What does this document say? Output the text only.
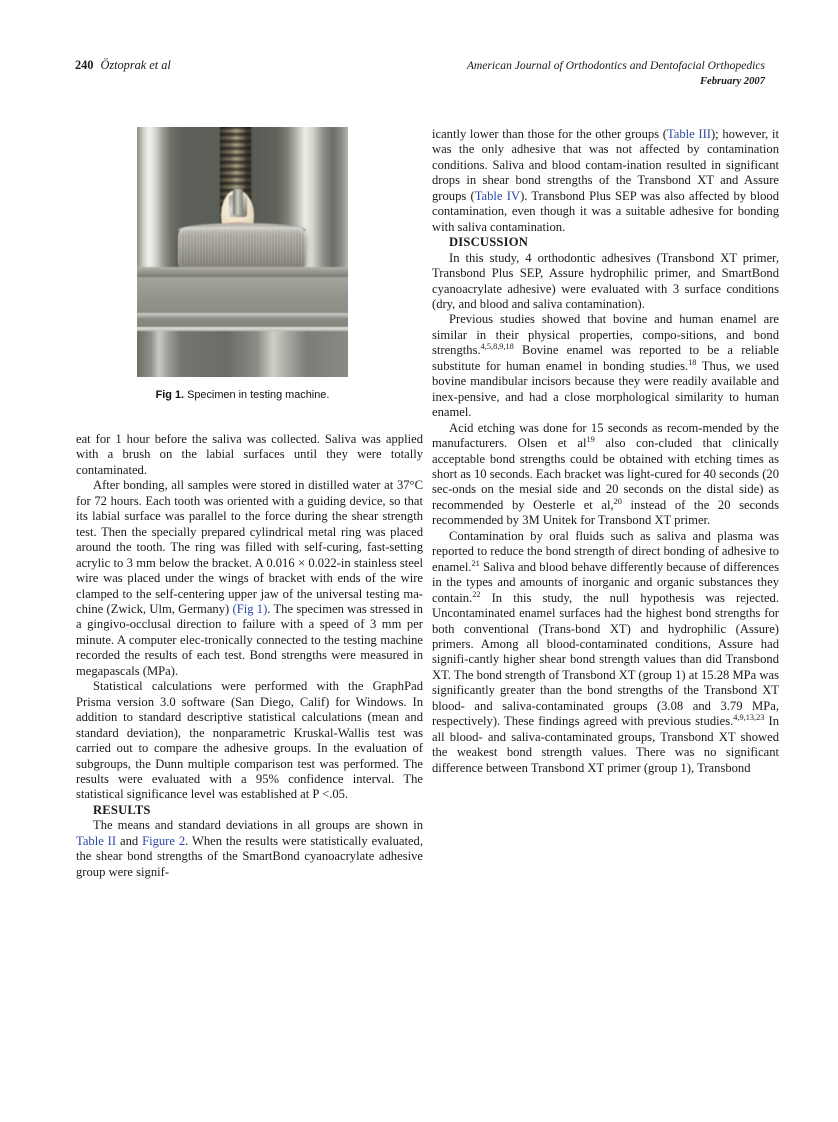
240 Öztoprak et al	American Journal of Orthodontics and Dentofacial Orthopedics
February 2007
Fig 1. Specimen in testing machine.

eat for 1 hour before the saliva was collected. Saliva was applied with a brush on the labial surfaces until they were totally contaminated.

After bonding, all samples were stored in distilled water at 37°C for 72 hours. Each tooth was oriented with a guiding device, so that its labial surface was parallel to the force during the shear strength test. Then the specially prepared cylindrical metal ring was placed around the tooth. The ring was filled with self-curing, fast-setting acrylic to 3 mm below the bracket. A 0.016 × 0.022-in stainless steel wire was placed under the wings of bracket with ends of the wire clamped to the self-centering upper jaw of the universal testing ma-chine (Zwick, Ulm, Germany) (Fig 1). The specimen was stressed in a gingivo-occlusal direction to failure with a speed of 3 mm per minute. A computer elec-tronically connected to the testing machine recorded the results of each test. Bond strengths were measured in megapascals (MPa).

Statistical calculations were performed with the GraphPad Prisma version 3.0 software (San Diego, Calif) for Windows. In addition to standard descriptive statistical calculations (mean and standard deviation), the nonparametric Kruskal-Wallis test was carried out to compare the adhesive groups. In the evaluation of subgroups, the Dunn multiple comparison test was performed. The results were evaluated with a 95% confidence interval. The statistical significance level was established at P <.05.

RESULTS

The means and standard deviations in all groups are shown in Table II and Figure 2. When the results were statistically evaluated, the shear bond strengths of the SmartBond cyanoacrylate adhesive group were signif-

icantly lower than those for the other groups (Table III); however, it was the only adhesive that was not affected by contamination conditions. Saliva and blood contam-ination resulted in significant drops in shear bond strengths of the Transbond XT and Assure groups (Table IV). Transbond Plus SEP was also affected by blood contamination, even though it was a suitable adhesive for bonding with saliva contamination.

DISCUSSION

In this study, 4 orthodontic adhesives (Transbond XT primer, Transbond Plus SEP, Assure hydrophilic primer, and SmartBond cyanoacrylate adhesive) were evaluated with 3 surface conditions (dry, and blood and saliva contamination).

Previous studies showed that bovine and human enamel are similar in their physical properties, compo-sitions, and bond strengths.$^{4,5,8,9,18}$ Bovine enamel was reported to be a reliable substitute for human enamel in bonding studies.$^{18}$ Thus, we used bovine mandibular incisors because they were readily available and inex-pensive, and had a close morphological similarity to human enamel.

Acid etching was done for 15 seconds as recom-mended by the manufacturers. Olsen et $al^{19}$ also con-cluded that clinically acceptable bond strengths could be obtained with etching times as short as 10 seconds. Each bracket was light-cured for 40 seconds (20 sec-onds on the mesial side and 20 seconds on the distal side) as recommended by Oesterle et al,$^{20}$ instead of the 20 seconds recommended by 3M Unitek for Transbond XT primer.

Contamination by oral fluids such as saliva and plasma was reported to reduce the bond strength of direct bonding of adhesive to enamel.$^{21}$ Saliva and blood behave differently because of differences in the types and amounts of inorganic and organic substances they contain.$^{22}$ In this study, the null hypothesis was rejected. Uncontaminated enamel surfaces had the highest bond strengths for both conventional (Trans-bond XT) and hydrophilic (Assure) primers. Among all blood-contaminated conditions, Assure had signifi-cantly higher shear bond strength values than did Transbond XT. The bond strength of Transbond XT (group 1) at 15.28 MPa was significantly greater than the bond strengths of the Transbond XT blood- and saliva-contaminated groups (3.08 and 3.79 MPa, respectively). These findings agreed with previous studies.$^{4,9,13,23}$ In all blood- and saliva-contaminated groups, Transbond XT showed the weakest bond strength values. There was no significant difference between Transbond XT primer (group 1), Transbond
